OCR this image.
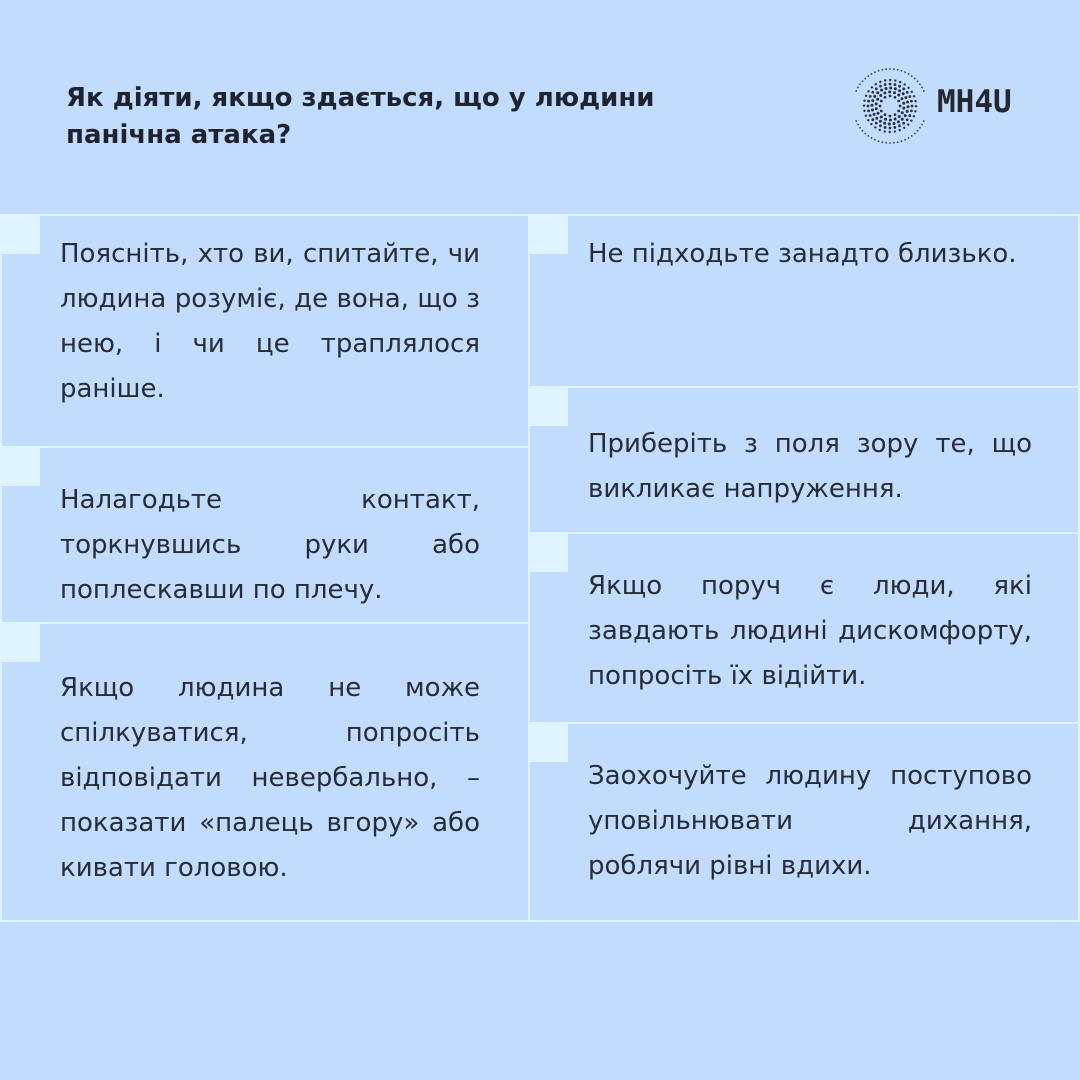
Як діяти, якщо здається, що у людини панічна атака?
MH4U

Поясніть, хто ви, спитайте, чи людина розуміє, де вона, що з нею, і чи це траплялося раніше.

Налагодьте контакт, торкнувшись руки або поплескавши по плечу.

Якщо людина не може спілкуватися, попросіть відповідати невербально, – показати «палець вгору» або кивати головою.

Не підходьте занадто близько.

Приберіть з поля зору те, що викликає напруження.

Якщо поруч є люди, які завдають людині дискомфорту, попросіть їх відійти.

Заохочуйте людину поступово уповільнювати дихання, роблячи рівні вдихи.
